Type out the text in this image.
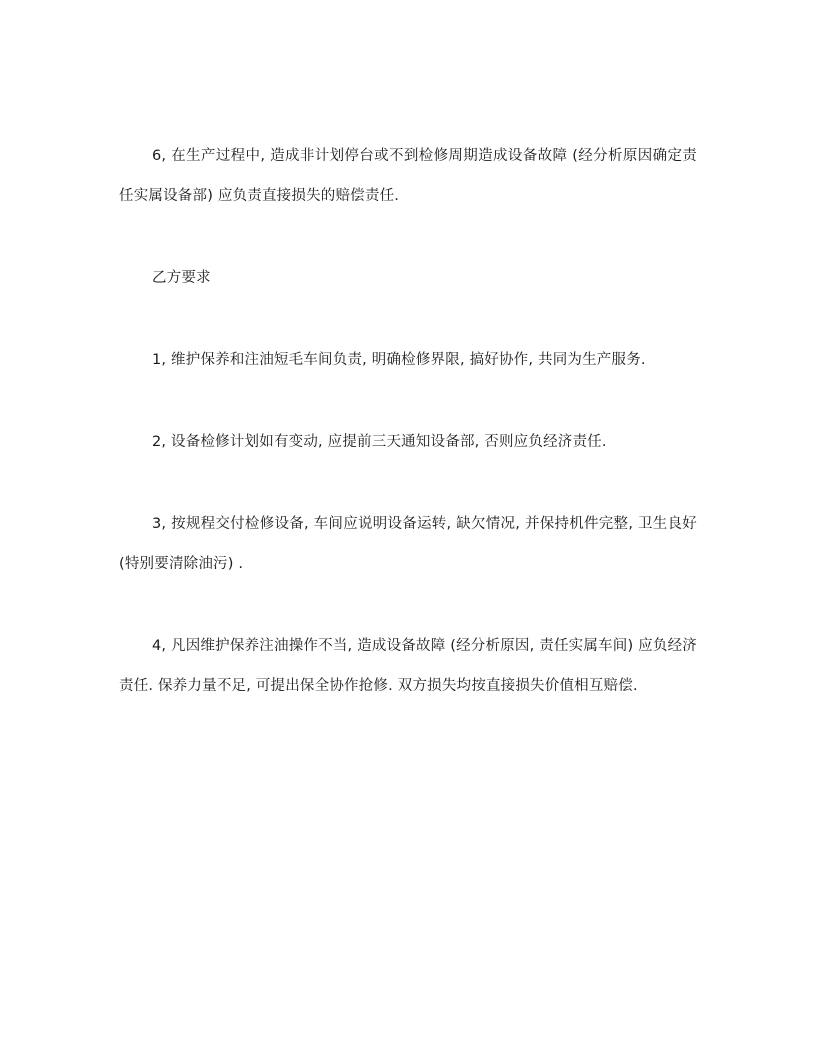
6, 在生产过程中, 造成非计划停台或不到检修周期造成设备故障 (经分析原因确定责任实属设备部) 应负责直接损失的赔偿责任.

乙方要求

1, 维护保养和注油短毛车间负责, 明确检修界限, 搞好协作, 共同为生产服务.

2, 设备检修计划如有变动, 应提前三天通知设备部, 否则应负经济责任.

3, 按规程交付检修设备, 车间应说明设备运转, 缺欠情况, 并保持机件完整, 卫生良好 (特别要清除油污) .

4, 凡因维护保养注油操作不当, 造成设备故障 (经分析原因, 责任实属车间) 应负经济责任. 保养力量不足, 可提出保全协作抢修. 双方损失均按直接损失价值相互赔偿.
